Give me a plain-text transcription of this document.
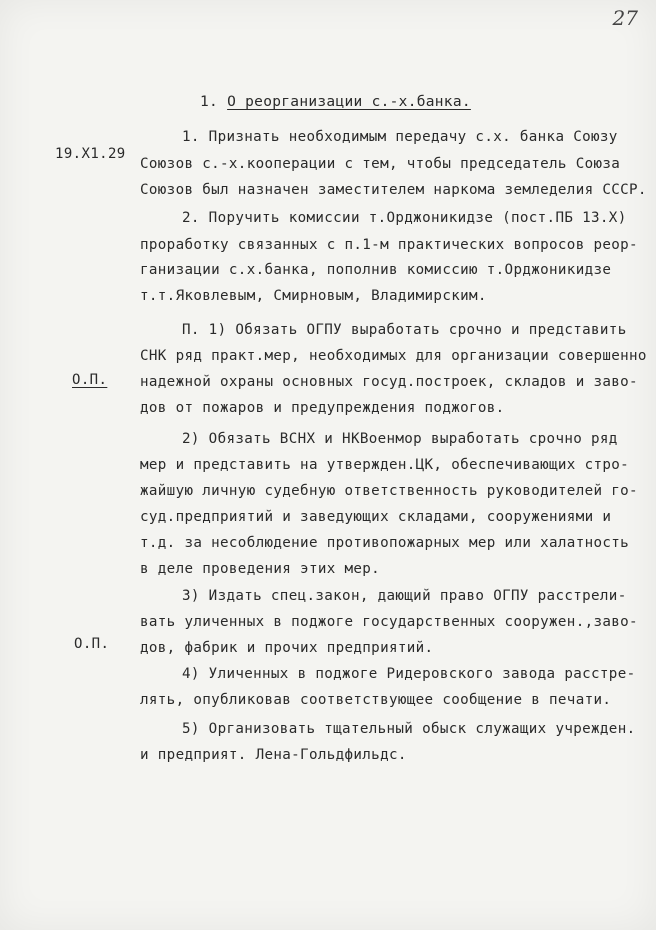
27
1. О реорганизации с.-х.банка.
19.Х1.29
О.П.
О.П.
1. Признать необходимым передачу с.х. банка Союзу
Союзов с.-х.кооперации с тем, чтобы председатель Союза
Союзов был назначен заместителем наркома земледелия СССР.
2. Поручить комиссии т.Орджоникидзе (пост.ПБ 13.Х)
проработку связанных с п.1-м практических вопросов реор-
ганизации с.х.банка, пополнив комиссию т.Орджоникидзе
т.т.Яковлевым, Смирновым, Владимирским.
П. 1) Обязать ОГПУ выработать срочно и представить
СНК ряд практ.мер, необходимых для организации совершенно
надежной охраны основных госуд.построек, складов и заво-
дов от пожаров и предупреждения поджогов.
2) Обязать ВСНХ и НКВоенмор выработать срочно ряд
мер и представить на утвержден.ЦК, обеспечивающих стро-
жайшую личную судебную ответственность руководителей го-
суд.предприятий и заведующих складами, сооружениями и
т.д. за несоблюдение противопожарных мер или халатность
в деле проведения этих мер.
3) Издать спец.закон, дающий право ОГПУ расстрели-
вать уличенных в поджоге государственных сооружен.,заво-
дов, фабрик и прочих предприятий.
4) Уличенных в поджоге Ридеровского завода расстре-
лять, опубликовав соответствующее сообщение в печати.
5) Организовать тщательный обыск служащих учрежден.
и предприят. Лена-Гольдфильдс.
